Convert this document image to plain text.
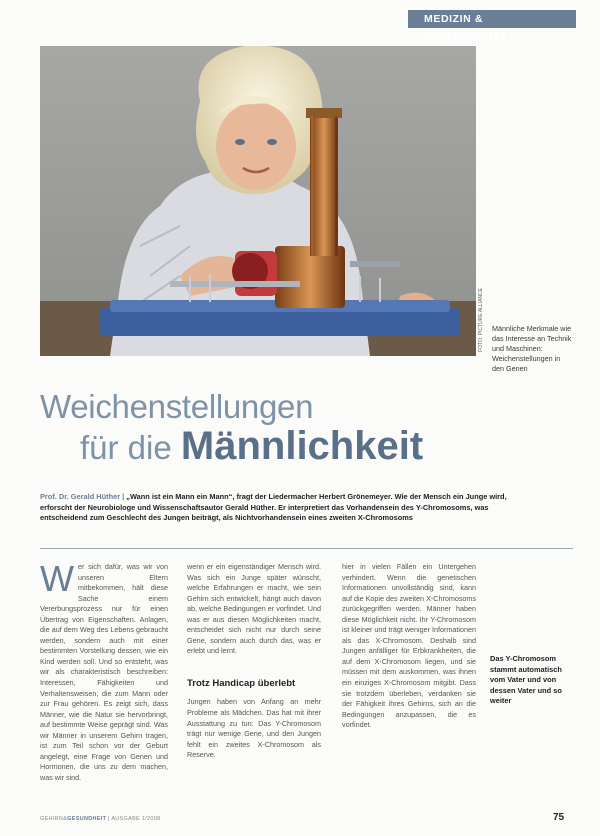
MEDIZIN & WISSENSCHAFT
FOTO: PICTURE ALLIANCE Männliche Merkmale wie das Interesse an Technik und Maschinen: Weichenstellungen in den Genen
Weichenstellungen
für die Männlichkeit
Prof. Dr. Gerald Hüther | „Wann ist ein Mann ein Mann“, fragt der Liedermacher Herbert Grönemeyer. Wie der Mensch ein Junge wird, erforscht der Neurobiologe und Wissenschaftsautor Gerald Hüther. Er interpretiert das Vorhandensein des Y-Chromosoms, was entscheidend zum Geschlecht des Jungen beiträgt, als Nichtvorhandensein eines zweiten X-Chromosoms
W er sich dafür, was wir von unseren Eltern mitbekommen, hält diese Sache einem Vererbungsprozess nur für einen Übertrag von Eigenschaften. Anlagen, die auf dem Weg des Lebens gebraucht werden, sondern auch mit einer bestimmten Vorstellung dessen, wie ein Kind werden soll. Und so entsteht, was wir als charakteristisch beschreiben: Interessen, Fähigkeiten und Verhaltensweisen, die zum Mann oder zur Frau gehören. Es zeigt sich, dass Männer, wie die Natur sie hervorbringt, auf bestimmte Weise geprägt sind. Was wir Männer in unserem Gehirn tragen, ist zum Teil schon vor der Geburt angelegt, eine Frage von Genen und Hormonen, die uns zu dem machen, was wir sind.
wenn er ein eigenständiger Mensch wird. Was sich ein Junge später wünscht, welche Erfahrungen er macht, wie sein Gehirn sich entwickelt, hängt auch davon ab, welche Bedingungen er vorfindet. Und was er aus diesen Möglichkeiten macht, entscheidet sich nicht nur durch seine Gene, sondern auch durch das, was er erlebt und lernt.
Trotz Handicap überlebt
Jungen haben von Anfang an mehr Probleme als Mädchen. Das hat mit ihrer Ausstattung zu tun: Das Y-Chromosom trägt nur wenige Gene, und den Jungen fehlt ein zweites X-Chromosom als Reserve.
hier in vielen Fällen ein Untergehen verhindert. Wenn die genetischen Informationen unvollständig sind, kann auf die Kopie des zweiten X-Chromosoms zurückgegriffen werden. Männer haben diese Möglichkeit nicht. Ihr Y-Chromosom ist kleiner und trägt weniger Informationen als das X-Chromosom. Deshalb sind Jungen anfälliger für Erbkrankheiten, die auf dem X-Chromosom liegen, und sie müssen mit dem auskommen, was ihnen ein einziges X-Chromosom mitgibt. Dass sie trotzdem überleben, verdanken sie der Fähigkeit ihres Gehirns, sich an die Bedingungen anzupassen, die es vorfindet.
Das Y-Chromosom stammt automatisch vom Vater und von dessen Vater und so weiter
GEHIRN&GESUNDHEIT | AUSGABE 1/2008	75
